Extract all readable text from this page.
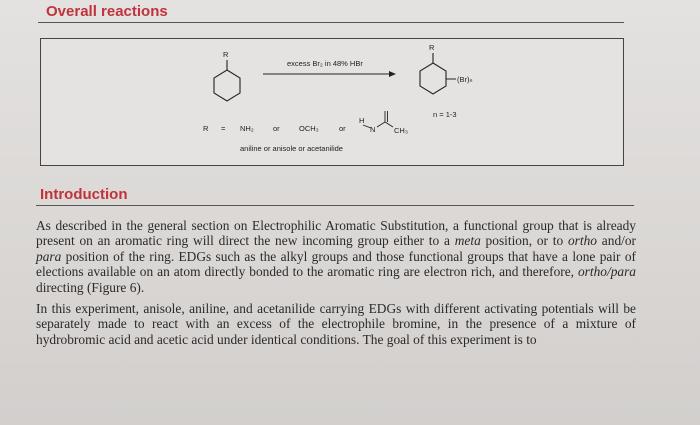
Overall reactions
R
excess Br₂ in 48% HBr
R
(Br)ₙ
n = 1-3
R = NH₂	or	OCH₃	or
H
N CH₃
aniline or anisole or acetanilide
Introduction

As described in the general section on Electrophilic Aromatic Substitution, a functional group that is already present on an aromatic ring will direct the new incoming group either to a meta position, or to ortho and/or para position of the ring. EDGs such as the alkyl groups and those functional groups that have a lone pair of elections available on an atom directly bonded to the aromatic ring are electron rich, and therefore, ortho/para directing (Figure 6).

In this experiment, anisole, aniline, and acetanilide carrying EDGs with different activating potentials will be separately made to react with an excess of the electrophile bromine, in the presence of a mixture of hydrobromic acid and acetic acid under identical conditions. The goal of this experiment is to
